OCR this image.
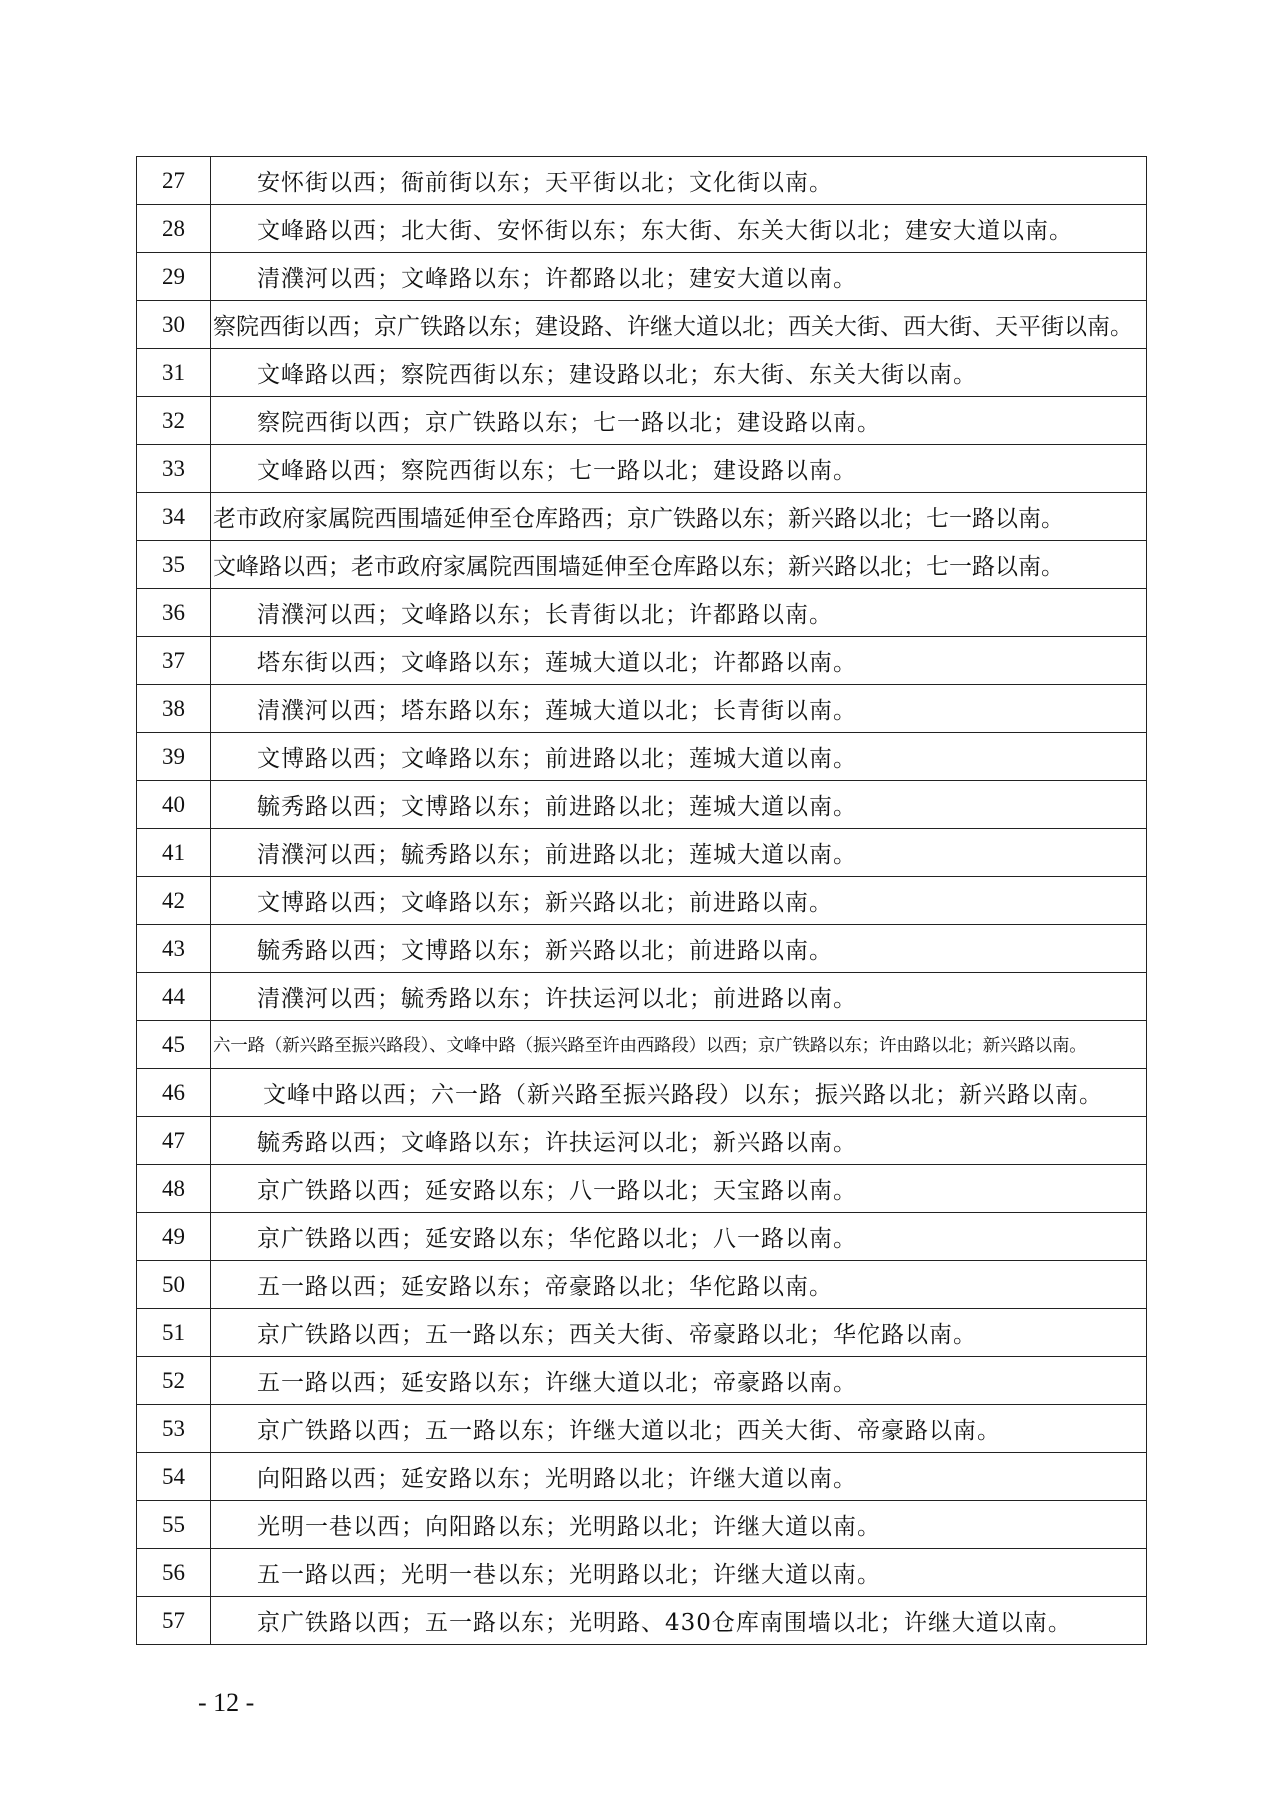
27	安怀街以西；衙前街以东；天平街以北；文化街以南。
28	文峰路以西；北大街、安怀街以东；东大街、东关大街以北；建安大道以南。
29	清濮河以西；文峰路以东；许都路以北；建安大道以南。
30	察院西街以西；京广铁路以东；建设路、许继大道以北；西关大街、西大街、天平街以南。
31	文峰路以西；察院西街以东；建设路以北；东大街、东关大街以南。
32	察院西街以西；京广铁路以东；七一路以北；建设路以南。
33	文峰路以西；察院西街以东；七一路以北；建设路以南。
34	老市政府家属院西围墙延伸至仓库路西；京广铁路以东；新兴路以北；七一路以南。
35	文峰路以西；老市政府家属院西围墙延伸至仓库路以东；新兴路以北；七一路以南。
36	清濮河以西；文峰路以东；长青街以北；许都路以南。
37	塔东街以西；文峰路以东；莲城大道以北；许都路以南。
38	清濮河以西；塔东路以东；莲城大道以北；长青街以南。
39	文博路以西；文峰路以东；前进路以北；莲城大道以南。
40	毓秀路以西；文博路以东；前进路以北；莲城大道以南。
41	清濮河以西；毓秀路以东；前进路以北；莲城大道以南。
42	文博路以西；文峰路以东；新兴路以北；前进路以南。
43	毓秀路以西；文博路以东；新兴路以北；前进路以南。
44	清濮河以西；毓秀路以东；许扶运河以北；前进路以南。
45	六一路（新兴路至振兴路段）、文峰中路（振兴路至许由西路段）以西；京广铁路以东；许由路以北；新兴路以南。
46	文峰中路以西；六一路（新兴路至振兴路段）以东；振兴路以北；新兴路以南。
47	毓秀路以西；文峰路以东；许扶运河以北；新兴路以南。
48	京广铁路以西；延安路以东；八一路以北；天宝路以南。
49	京广铁路以西；延安路以东；华佗路以北；八一路以南。
50	五一路以西；延安路以东；帝豪路以北；华佗路以南。
51	京广铁路以西；五一路以东；西关大街、帝豪路以北；华佗路以南。
52	五一路以西；延安路以东；许继大道以北；帝豪路以南。
53	京广铁路以西；五一路以东；许继大道以北；西关大街、帝豪路以南。
54	向阳路以西；延安路以东；光明路以北；许继大道以南。
55	光明一巷以西；向阳路以东；光明路以北；许继大道以南。
56	五一路以西；光明一巷以东；光明路以北；许继大道以南。
57	京广铁路以西；五一路以东；光明路、430仓库南围墙以北；许继大道以南。
- 12 -
